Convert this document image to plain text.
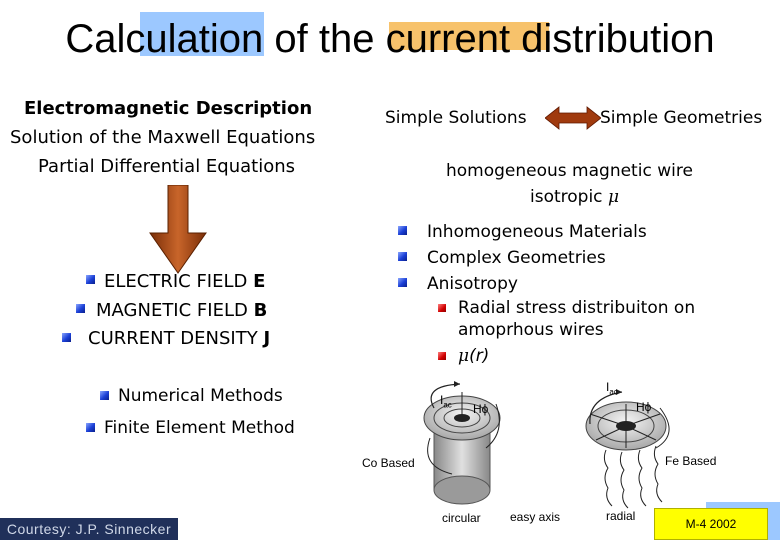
Calculation of the current distribution
Electromagnetic Description
Solution of the Maxwell Equations
Partial Differential Equations
ELECTRIC FIELD E
MAGNETIC FIELD B
CURRENT DENSITY J
Numerical Methods
Finite Element Method
Simple Solutions	Simple Geometries
homogeneous magnetic wire
isotropic μ
Inhomogeneous Materials
Complex Geometries
Anisotropy
Radial stress distribuiton on
amoprhous wires
μ(r)
Co Based	Fe Based
$I_{ac}$ Hϕ
$I_{ac}$
Hϕ
circular easy axis	radial
Courtesy: J.P. Sinnecker	M-4 2002
